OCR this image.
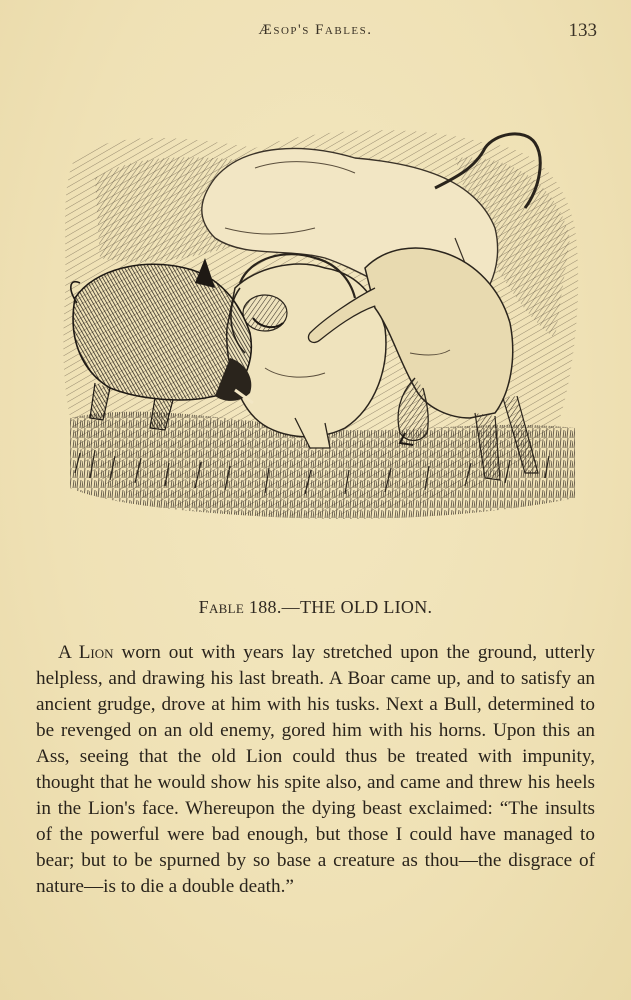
Æsop's Fables.	133
Fable 188.—THE OLD LION.

A Lion worn out with years lay stretched upon the ground, utterly helpless, and drawing his last breath. A Boar came up, and to satisfy an ancient grudge, drove at him with his tusks. Next a Bull, determined to be revenged on an old enemy, gored him with his horns. Upon this an Ass, seeing that the old Lion could thus be treated with impunity, thought that he would show his spite also, and came and threw his heels in the Lion's face. Whereupon the dying beast exclaimed: “The insults of the powerful were bad enough, but those I could have managed to bear; but to be spurned by so base a creature as thou—the disgrace of nature—is to die a double death.”
